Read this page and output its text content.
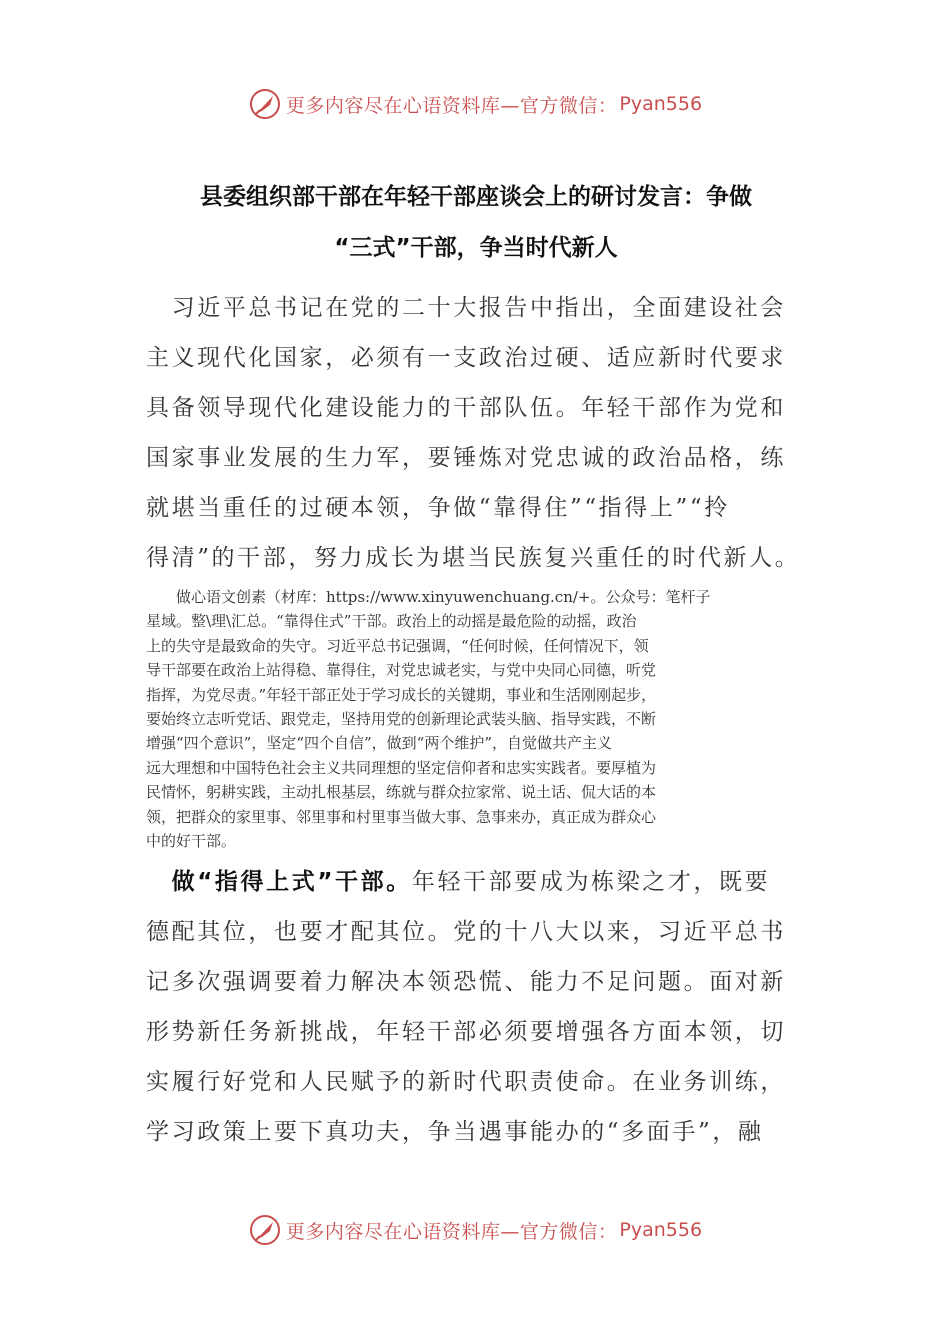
更多内容尽在心语资料库—官方微信： Pyan556
县委组织部干部在年轻干部座谈会上的研讨发言：争做
“三式”干部，争当时代新人
　习近平总书记在党的二十大报告中指出，全面建设社会
主义现代化国家，必须有一支政治过硬、适应新时代要求
具备领导现代化建设能力的干部队伍。年轻干部作为党和
国家事业发展的生力军，要锤炼对党忠诚的政治品格，练
就堪当重任的过硬本领，争做“靠得住”“指得上”“拎
得清”的干部，努力成长为堪当民族复兴重任的时代新人。
　　做心语文创素（材库：https://www.xinyuwenchuang.cn/+。公众号：笔杆子
星域。整\理\汇总。“靠得住式”干部。政治上的动摇是最危险的动摇，政治
上的失守是最致命的失守。习近平总书记强调，“任何时候，任何情况下，领
导干部要在政治上站得稳、靠得住，对党忠诚老实，与党中央同心同德，听党
指挥，为党尽责。”年轻干部正处于学习成长的关键期，事业和生活刚刚起步，
要始终立志听党话、跟党走，坚持用党的创新理论武装头脑、指导实践，不断
增强“四个意识”，坚定“四个自信”，做到“两个维护”，自觉做共产主义
远大理想和中国特色社会主义共同理想的坚定信仰者和忠实实践者。要厚植为
民情怀，躬耕实践，主动扎根基层，练就与群众拉家常、说土话、侃大话的本
领，把群众的家里事、邻里事和村里事当做大事、急事来办，真正成为群众心
中的好干部。
　做“指得上式”干部。年轻干部要成为栋梁之才，既要
德配其位，也要才配其位。党的十八大以来，习近平总书
记多次强调要着力解决本领恐慌、能力不足问题。面对新
形势新任务新挑战，年轻干部必须要增强各方面本领，切
实履行好党和人民赋予的新时代职责使命。在业务训练，
学习政策上要下真功夫，争当遇事能办的“多面手”，融
更多内容尽在心语资料库—官方微信： Pyan556
